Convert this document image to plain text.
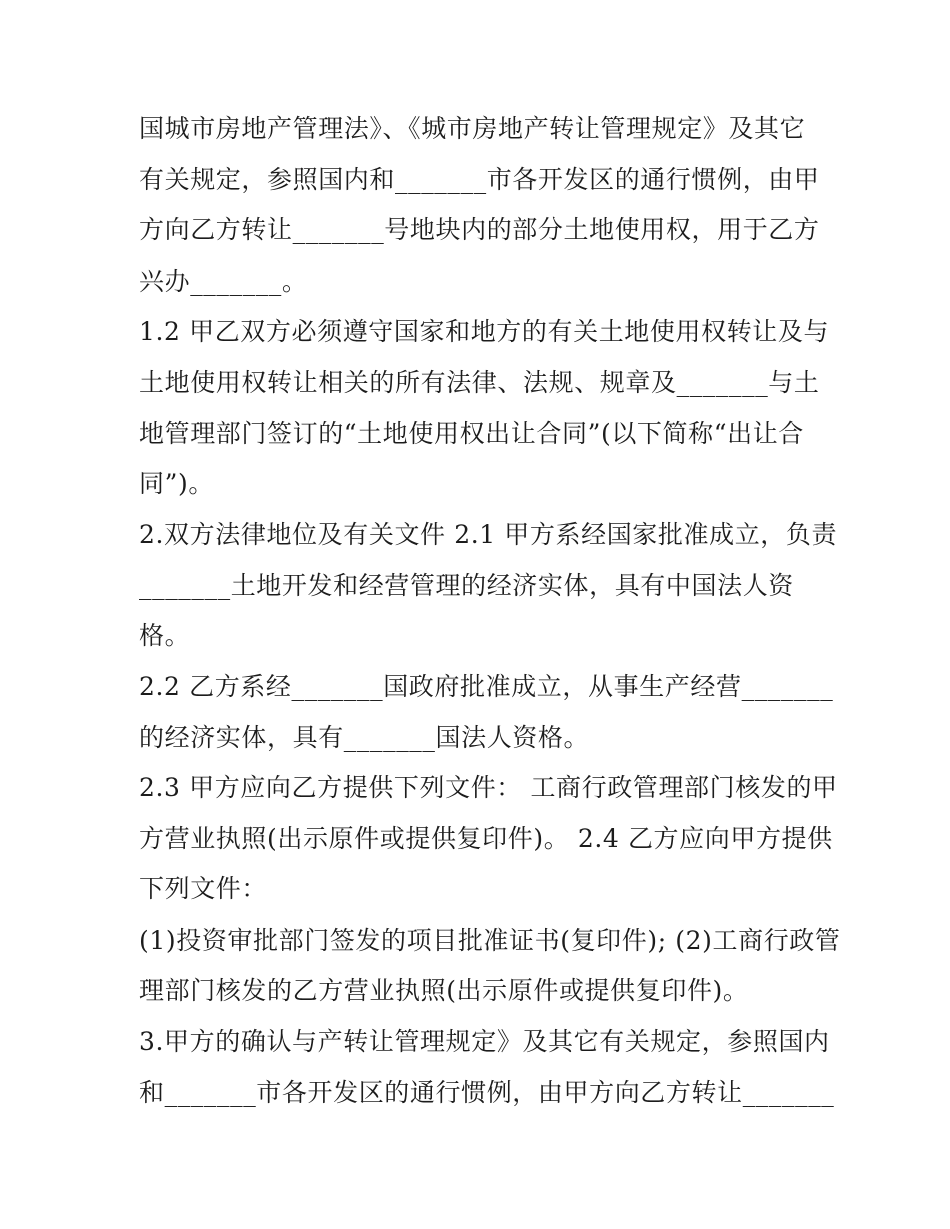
国城市房地产管理法》、《城市房地产转让管理规定》及其它
有关规定，参照国内和_______市各开发区的通行惯例，由甲
方向乙方转让_______号地块内的部分土地使用权，用于乙方
兴办_______。
1.2 甲乙双方必须遵守国家和地方的有关土地使用权转让及与
土地使用权转让相关的所有法律、法规、规章及_______与土
地管理部门签订的“土地使用权出让合同”(以下简称“出让合
同”)。
2.双方法律地位及有关文件 2.1 甲方系经国家批准成立，负责
_______土地开发和经营管理的经济实体，具有中国法人资
格。
2.2 乙方系经_______国政府批准成立，从事生产经营_______
的经济实体，具有_______国法人资格。
2.3 甲方应向乙方提供下列文件： 工商行政管理部门核发的甲
方营业执照(出示原件或提供复印件)。 2.4 乙方应向甲方提供
下列文件：
(1)投资审批部门签发的项目批准证书(复印件); (2)工商行政管
理部门核发的乙方营业执照(出示原件或提供复印件)。
3.甲方的确认与产转让管理规定》及其它有关规定，参照国内
和_______市各开发区的通行惯例，由甲方向乙方转让_______
